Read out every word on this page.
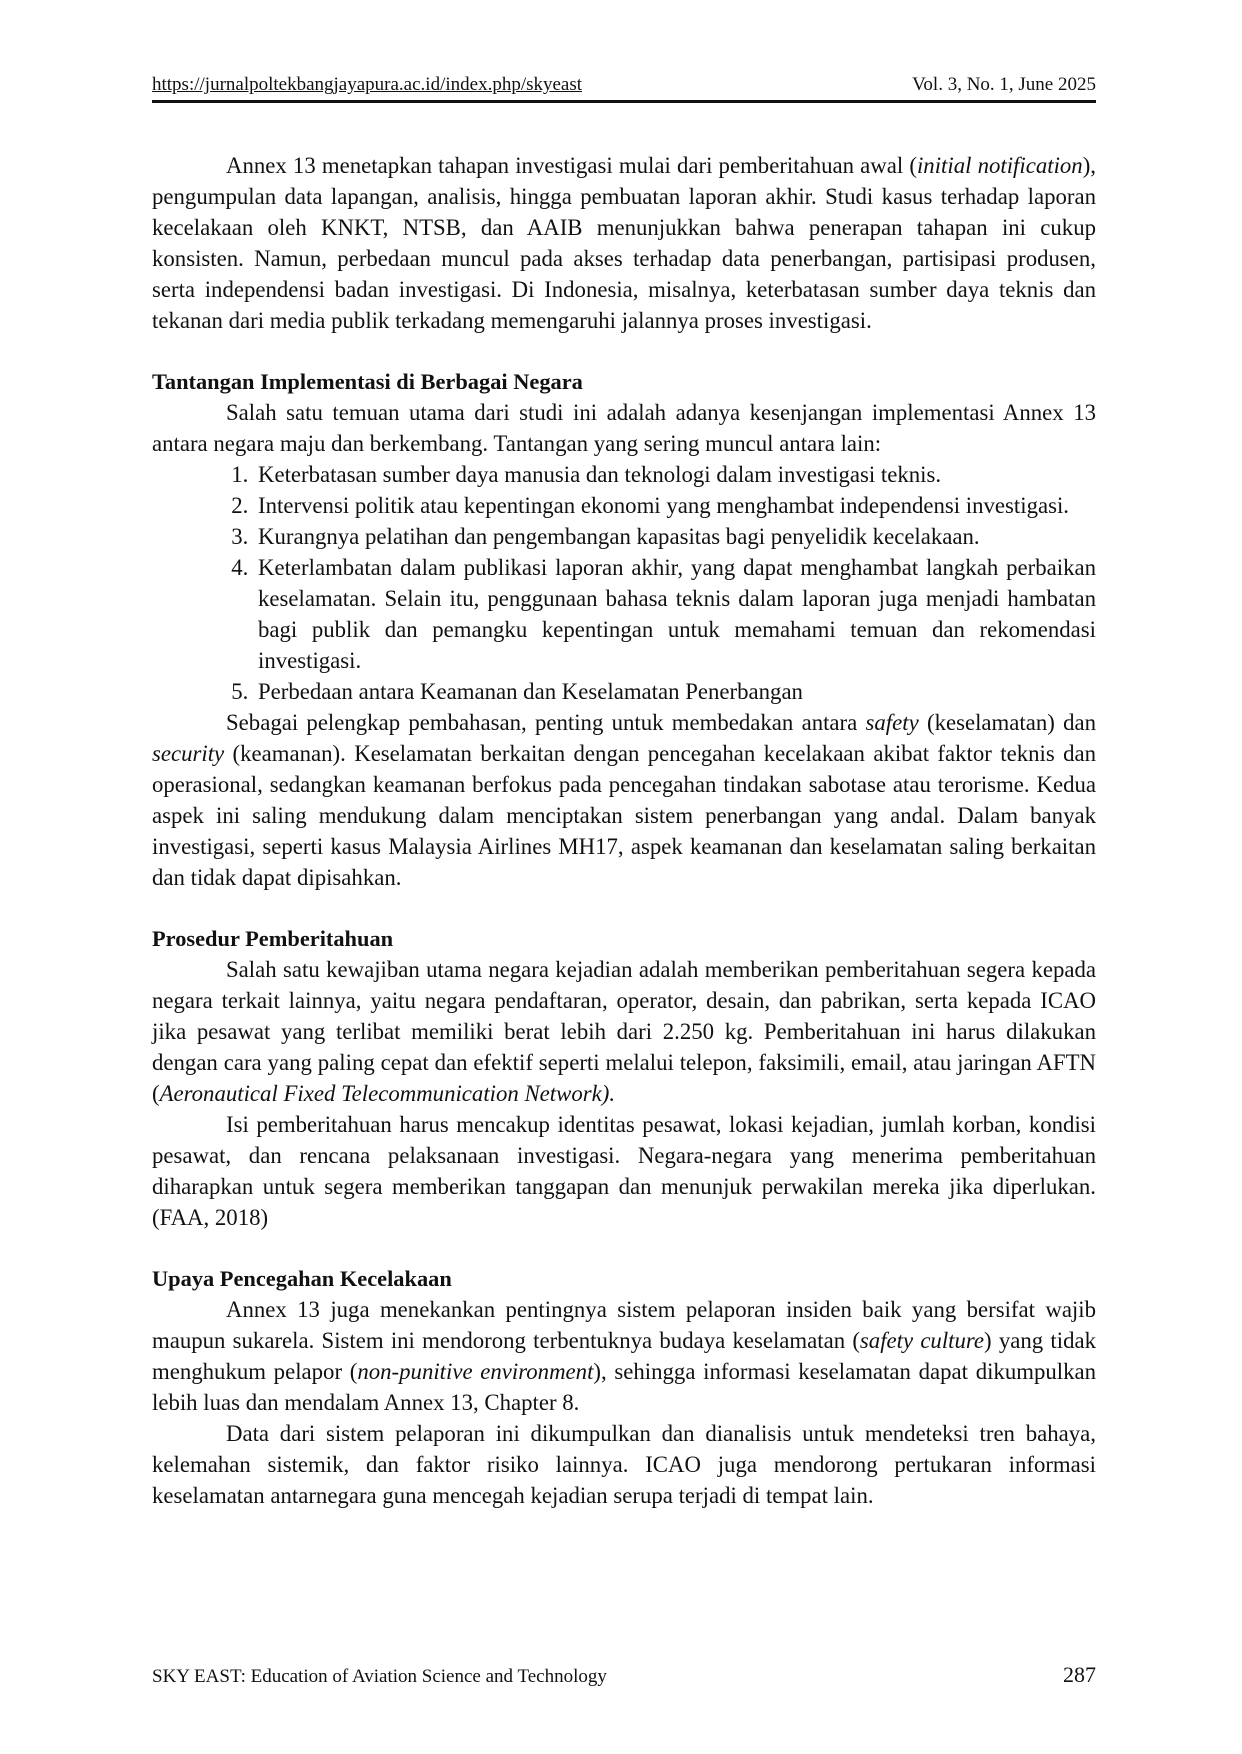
https://jurnalpoltekbangjayapura.ac.id/index.php/skyeast	Vol. 3, No. 1, June 2025

Annex 13 menetapkan tahapan investigasi mulai dari pemberitahuan awal (initial notification), pengumpulan data lapangan, analisis, hingga pembuatan laporan akhir. Studi kasus terhadap laporan kecelakaan oleh KNKT, NTSB, dan AAIB menunjukkan bahwa penerapan tahapan ini cukup konsisten. Namun, perbedaan muncul pada akses terhadap data penerbangan, partisipasi produsen, serta independensi badan investigasi. Di Indonesia, misalnya, keterbatasan sumber daya teknis dan tekanan dari media publik terkadang memengaruhi jalannya proses investigasi.

Tantangan Implementasi di Berbagai Negara

Salah satu temuan utama dari studi ini adalah adanya kesenjangan implementasi Annex 13 antara negara maju dan berkembang. Tantangan yang sering muncul antara lain:

1. Keterbatasan sumber daya manusia dan teknologi dalam investigasi teknis.
2. Intervensi politik atau kepentingan ekonomi yang menghambat independensi investigasi.
3. Kurangnya pelatihan dan pengembangan kapasitas bagi penyelidik kecelakaan.
4. Keterlambatan dalam publikasi laporan akhir, yang dapat menghambat langkah perbaikan keselamatan. Selain itu, penggunaan bahasa teknis dalam laporan juga menjadi hambatan bagi publik dan pemangku kepentingan untuk memahami temuan dan rekomendasi investigasi.
5. Perbedaan antara Keamanan dan Keselamatan Penerbangan

Sebagai pelengkap pembahasan, penting untuk membedakan antara safety (keselamatan) dan security (keamanan). Keselamatan berkaitan dengan pencegahan kecelakaan akibat faktor teknis dan operasional, sedangkan keamanan berfokus pada pencegahan tindakan sabotase atau terorisme. Kedua aspek ini saling mendukung dalam menciptakan sistem penerbangan yang andal. Dalam banyak investigasi, seperti kasus Malaysia Airlines MH17, aspek keamanan dan keselamatan saling berkaitan dan tidak dapat dipisahkan.

Prosedur Pemberitahuan

Salah satu kewajiban utama negara kejadian adalah memberikan pemberitahuan segera kepada negara terkait lainnya, yaitu negara pendaftaran, operator, desain, dan pabrikan, serta kepada ICAO jika pesawat yang terlibat memiliki berat lebih dari 2.250 kg. Pemberitahuan ini harus dilakukan dengan cara yang paling cepat dan efektif seperti melalui telepon, faksimili, email, atau jaringan AFTN (Aeronautical Fixed Telecommunication Network).

Isi pemberitahuan harus mencakup identitas pesawat, lokasi kejadian, jumlah korban, kondisi pesawat, dan rencana pelaksanaan investigasi. Negara-negara yang menerima pemberitahuan diharapkan untuk segera memberikan tanggapan dan menunjuk perwakilan mereka jika diperlukan. (FAA, 2018)

Upaya Pencegahan Kecelakaan

Annex 13 juga menekankan pentingnya sistem pelaporan insiden baik yang bersifat wajib maupun sukarela. Sistem ini mendorong terbentuknya budaya keselamatan (safety culture) yang tidak menghukum pelapor (non-punitive environment), sehingga informasi keselamatan dapat dikumpulkan lebih luas dan mendalam Annex 13, Chapter 8.

Data dari sistem pelaporan ini dikumpulkan dan dianalisis untuk mendeteksi tren bahaya, kelemahan sistemik, dan faktor risiko lainnya. ICAO juga mendorong pertukaran informasi keselamatan antarnegara guna mencegah kejadian serupa terjadi di tempat lain.

SKY EAST: Education of Aviation Science and Technology	287
